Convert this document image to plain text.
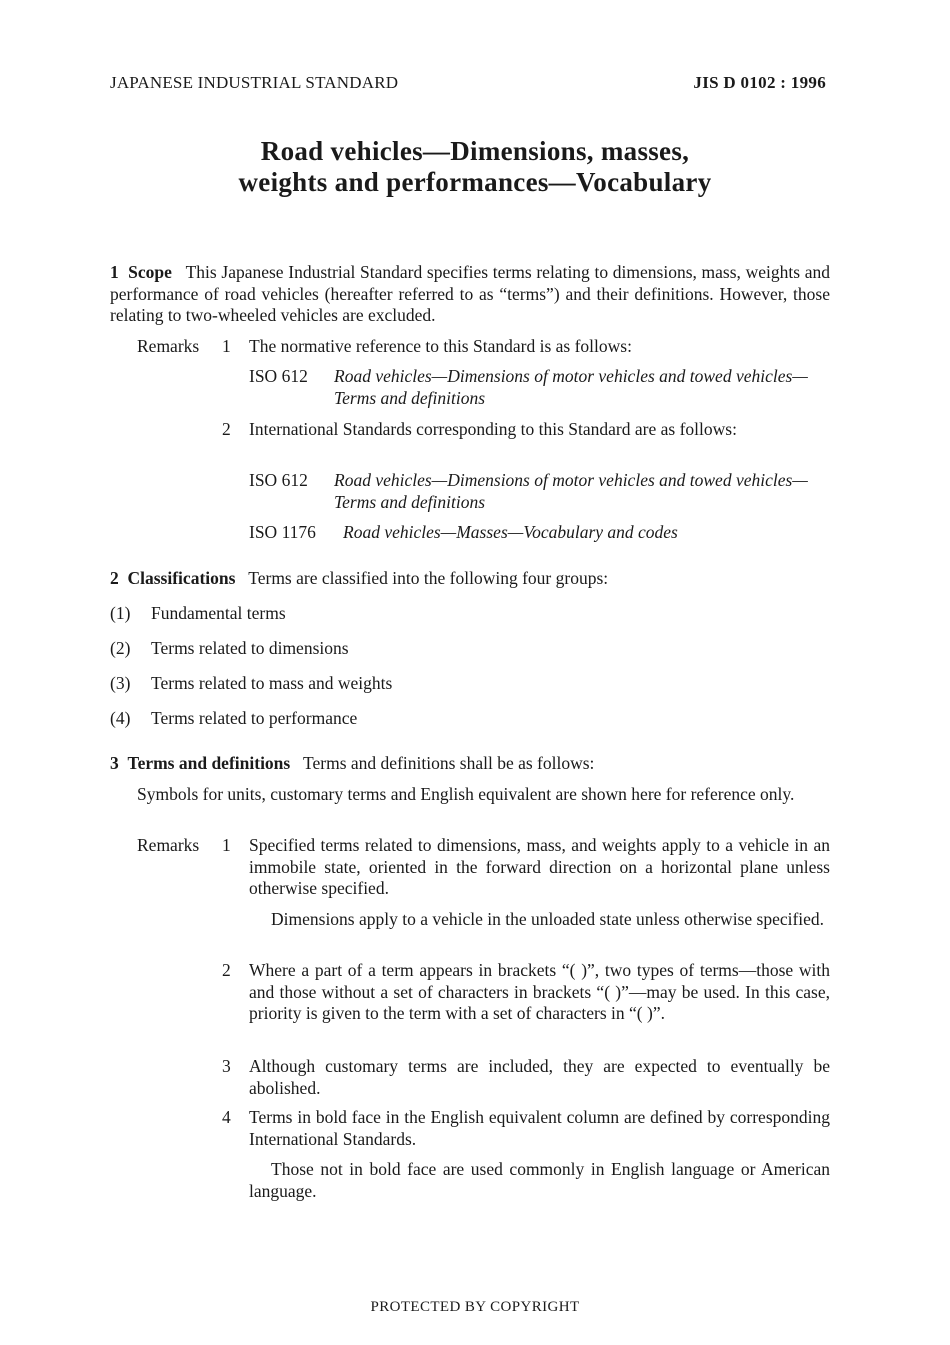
JAPANESE INDUSTRIAL STANDARD	JIS D 0102 : 1996
Road vehicles—Dimensions, masses,
weights and performances—Vocabulary
1 Scope This Japanese Industrial Standard specifies terms relating to dimensions, mass, weights and performance of road vehicles (hereafter referred to as “terms”) and their definitions. However, those relating to two-wheeled vehicles are excluded.
Remarks 1 The normative reference to this Standard is as follows:
ISO 612 Road vehicles—Dimensions of motor vehicles and towed vehicles—Terms and definitions
2 International Standards corresponding to this Standard are as follows:
ISO 612 Road vehicles—Dimensions of motor vehicles and towed vehicles—Terms and definitions
ISO 1176 Road vehicles—Masses—Vocabulary and codes
2 Classifications Terms are classified into the following four groups:
(1) Fundamental terms
(2) Terms related to dimensions
(3) Terms related to mass and weights
(4) Terms related to performance
3 Terms and definitions Terms and definitions shall be as follows:
Symbols for units, customary terms and English equivalent are shown here for reference only.
Remarks 1 Specified terms related to dimensions, mass, and weights apply to a vehicle in an immobile state, oriented in the forward direction on a horizontal plane unless otherwise specified.
Dimensions apply to a vehicle in the unloaded state unless otherwise specified.
2 Where a part of a term appears in brackets “( )”, two types of terms—those with and those without a set of characters in brackets “( )”—may be used. In this case, priority is given to the term with a set of characters in “( )”.
3 Although customary terms are included, they are expected to eventually be abolished.
4 Terms in bold face in the English equivalent column are defined by corresponding International Standards.
Those not in bold face are used commonly in English language or American language.
PROTECTED BY COPYRIGHT
